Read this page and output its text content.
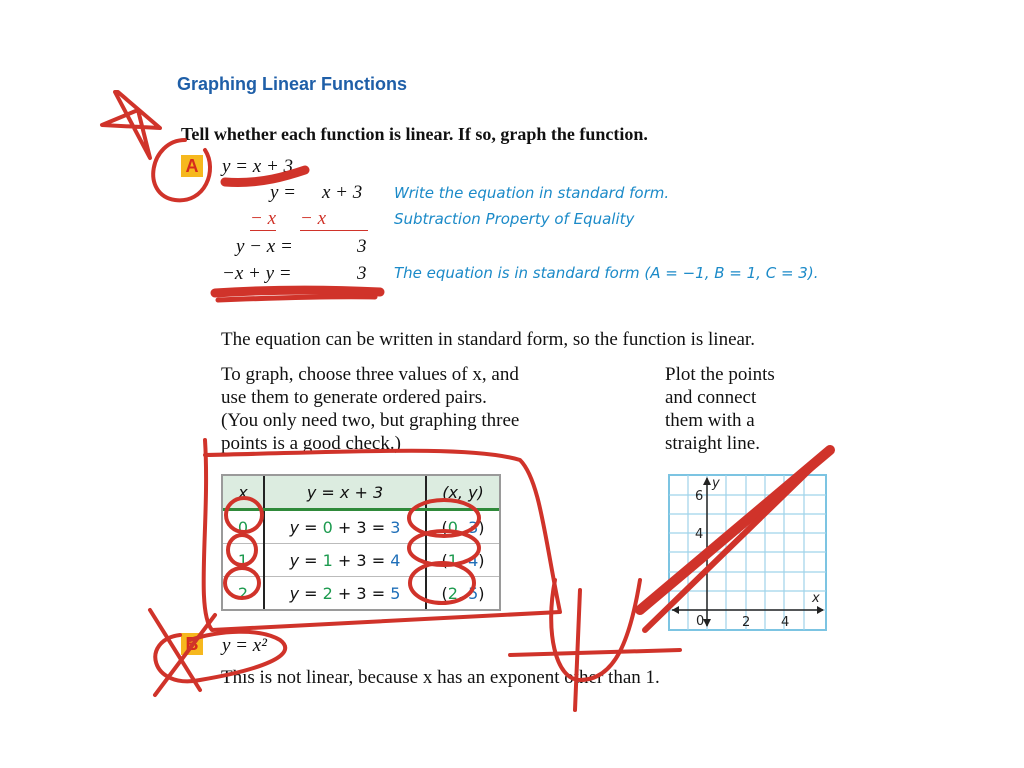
Graphing Linear Functions
Tell whether each function is linear. If so, graph the function.
A y = x + 3
y = x + 3 Write the equation in standard form.
− x − x	Subtraction Property of Equality
y − x =	3
−x + y =	3 The equation is in standard form (A = −1, B = 1, C = 3).
The equation can be written in standard form, so the function is linear.
To graph, choose three values of x, and
use them to generate ordered pairs.
(You only need two, but graphing three
points is a good check.)
Plot the points
and connect
them with a
straight line.
x	y = x + 3	(x, y)
0	y = 0 + 3 = 3	(0, 3)
1	y = 1 + 3 = 4	(1, 4)
2	y = 2 + 3 = 5	(2, 5)
y
x
6
4
0	2 4
B y = x²
This is not linear, because x has an exponent other than 1.
